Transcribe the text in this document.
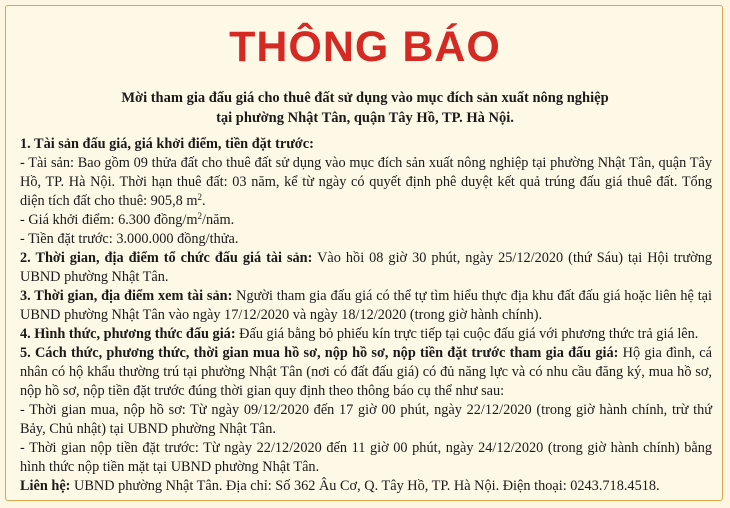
THÔNG BÁO
Mời tham gia đấu giá cho thuê đất sử dụng vào mục đích sản xuất nông nghiệp
tại phường Nhật Tân, quận Tây Hồ, TP. Hà Nội.

1. Tài sản đấu giá, giá khởi điểm, tiền đặt trước:

- Tài sản: Bao gồm 09 thửa đất cho thuê đất sử dụng vào mục đích sản xuất nông nghiệp tại phường Nhật Tân, quận Tây Hồ, TP. Hà Nội. Thời hạn thuê đất: 03 năm, kể từ ngày có quyết định phê duyệt kết quả trúng đấu giá thuê đất. Tổng diện tích đất cho thuê: 905,8 $m^2$.

- Giá khởi điểm: 6.300 đồng/$m^2$/năm.

- Tiền đặt trước: 3.000.000 đồng/thửa.

2. Thời gian, địa điểm tổ chức đấu giá tài sản: Vào hồi 08 giờ 30 phút, ngày 25/12/2020 (thứ Sáu) tại Hội trường UBND phường Nhật Tân.

3. Thời gian, địa điểm xem tài sản: Người tham gia đấu giá có thể tự tìm hiểu thực địa khu đất đấu giá hoặc liên hệ tại UBND phường Nhật Tân vào ngày 17/12/2020 và ngày 18/12/2020 (trong giờ hành chính).

4. Hình thức, phương thức đấu giá: Đấu giá bằng bỏ phiếu kín trực tiếp tại cuộc đấu giá với phương thức trả giá lên.

5. Cách thức, phương thức, thời gian mua hồ sơ, nộp hồ sơ, nộp tiền đặt trước tham gia đấu giá: Hộ gia đình, cá nhân có hộ khẩu thường trú tại phường Nhật Tân (nơi có đất đấu giá) có đủ năng lực và có nhu cầu đăng ký, mua hồ sơ, nộp hồ sơ, nộp tiền đặt trước đúng thời gian quy định theo thông báo cụ thể như sau:

- Thời gian mua, nộp hồ sơ: Từ ngày 09/12/2020 đến 17 giờ 00 phút, ngày 22/12/2020 (trong giờ hành chính, trừ thứ Bảy, Chủ nhật) tại UBND phường Nhật Tân.

- Thời gian nộp tiền đặt trước: Từ ngày 22/12/2020 đến 11 giờ 00 phút, ngày 24/12/2020 (trong giờ hành chính) bằng hình thức nộp tiền mặt tại UBND phường Nhật Tân.

Liên hệ: UBND phường Nhật Tân. Địa chỉ: Số 362 Âu Cơ, Q. Tây Hồ, TP. Hà Nội. Điện thoại: 0243.718.4518.
